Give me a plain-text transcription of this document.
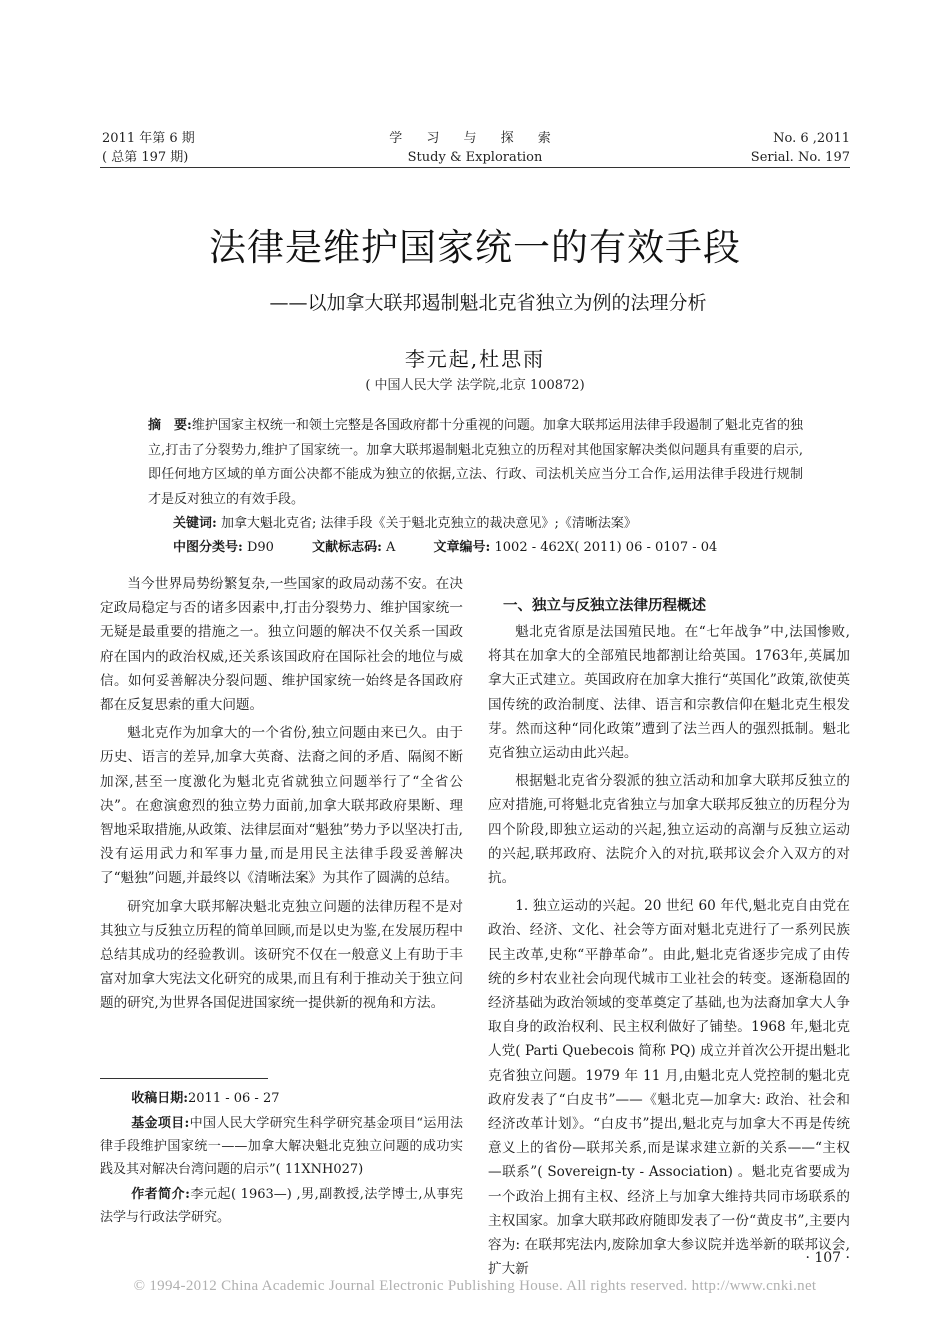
2011 年第 6 期
( 总第 197 期)
学 习 与 探 索
Study & Exploration
No. 6 ,2011
Serial. No. 197
法律是维护国家统一的有效手段
——以加拿大联邦遏制魁北克省独立为例的法理分析
李元起,杜思雨
( 中国人民大学 法学院,北京 100872)
摘　要:维护国家主权统一和领土完整是各国政府都十分重视的问题。加拿大联邦运用法律手段遏制了魁北克省的独立,打击了分裂势力,维护了国家统一。加拿大联邦遏制魁北克独立的历程对其他国家解决类似问题具有重要的启示,即任何地方区域的单方面公决都不能成为独立的依据,立法、行政、司法机关应当分工合作,运用法律手段进行规制才是反对独立的有效手段。
关键词: 加拿大魁北克省; 法律手段《关于魁北克独立的裁决意见》;《清晰法案》
中图分类号: D90	文献标志码: A	文章编号: 1002 - 462X( 2011) 06 - 0107 - 04

当今世界局势纷繁复杂,一些国家的政局动荡不安。在决定政局稳定与否的诸多因素中,打击分裂势力、维护国家统一无疑是最重要的措施之一。独立问题的解决不仅关系一国政府在国内的政治权威,还关系该国政府在国际社会的地位与威信。如何妥善解决分裂问题、维护国家统一始终是各国政府都在反复思索的重大问题。

魁北克作为加拿大的一个省份,独立问题由来已久。由于历史、语言的差异,加拿大英裔、法裔之间的矛盾、隔阂不断加深,甚至一度激化为魁北克省就独立问题举行了“全省公决”。在愈演愈烈的独立势力面前,加拿大联邦政府果断、理智地采取措施,从政策、法律层面对“魁独”势力予以坚决打击,没有运用武力和军事力量,而是用民主法律手段妥善解决了“魁独”问题,并最终以《清晰法案》为其作了圆满的总结。

研究加拿大联邦解决魁北克独立问题的法律历程不是对其独立与反独立历程的简单回顾,而是以史为鉴,在发展历程中总结其成功的经验教训。该研究不仅在一般意义上有助于丰富对加拿大宪法文化研究的成果,而且有利于推动关于独立问题的研究,为世界各国促进国家统一提供新的视角和方法。

收稿日期:2011 - 06 - 27

基金项目:中国人民大学研究生科学研究基金项目“运用法律手段维护国家统一——加拿大解决魁北克独立问题的成功实践及其对解决台湾问题的启示”( 11XNH027)

作者简介:李元起( 1963—) ,男,副教授,法学博士,从事宪法学与行政法学研究。

一、独立与反独立法律历程概述

魁北克省原是法国殖民地。在“七年战争”中,法国惨败,将其在加拿大的全部殖民地都割让给英国。1763年,英属加拿大正式建立。英国政府在加拿大推行“英国化”政策,欲使英国传统的政治制度、法律、语言和宗教信仰在魁北克生根发芽。然而这种“同化政策”遭到了法兰西人的强烈抵制。魁北克省独立运动由此兴起。

根据魁北克省分裂派的独立活动和加拿大联邦反独立的应对措施,可将魁北克省独立与加拿大联邦反独立的历程分为四个阶段,即独立运动的兴起,独立运动的高潮与反独立运动的兴起,联邦政府、法院介入的对抗,联邦议会介入双方的对抗。

1. 独立运动的兴起。20 世纪 60 年代,魁北克自由党在政治、经济、文化、社会等方面对魁北克进行了一系列民族民主改革,史称“平静革命”。由此,魁北克省逐步完成了由传统的乡村农业社会向现代城市工业社会的转变。逐渐稳固的经济基础为政治领域的变革奠定了基础,也为法裔加拿大人争取自身的政治权利、民主权利做好了铺垫。1968 年,魁北克人党( Parti Quebecois 简称 PQ) 成立并首次公开提出魁北克省独立问题。1979 年 11 月,由魁北克人党控制的魁北克政府发表了“白皮书”——《魁北克—加拿大: 政治、社会和经济改革计划》。“白皮书”提出,魁北克与加拿大不再是传统意义上的省份—联邦关系,而是谋求建立新的关系——“主权—联系”( Sovereign-ty - Association) 。魁北克省要成为一个政治上拥有主权、经济上与加拿大维持共同市场联系的主权国家。加拿大联邦政府随即发表了一份“黄皮书”,主要内容为: 在联邦宪法内,废除加拿大参议院并选举新的联邦议会,扩大新

· 107 ·
© 1994-2012 China Academic Journal Electronic Publishing House. All rights reserved. http://www.cnki.net
